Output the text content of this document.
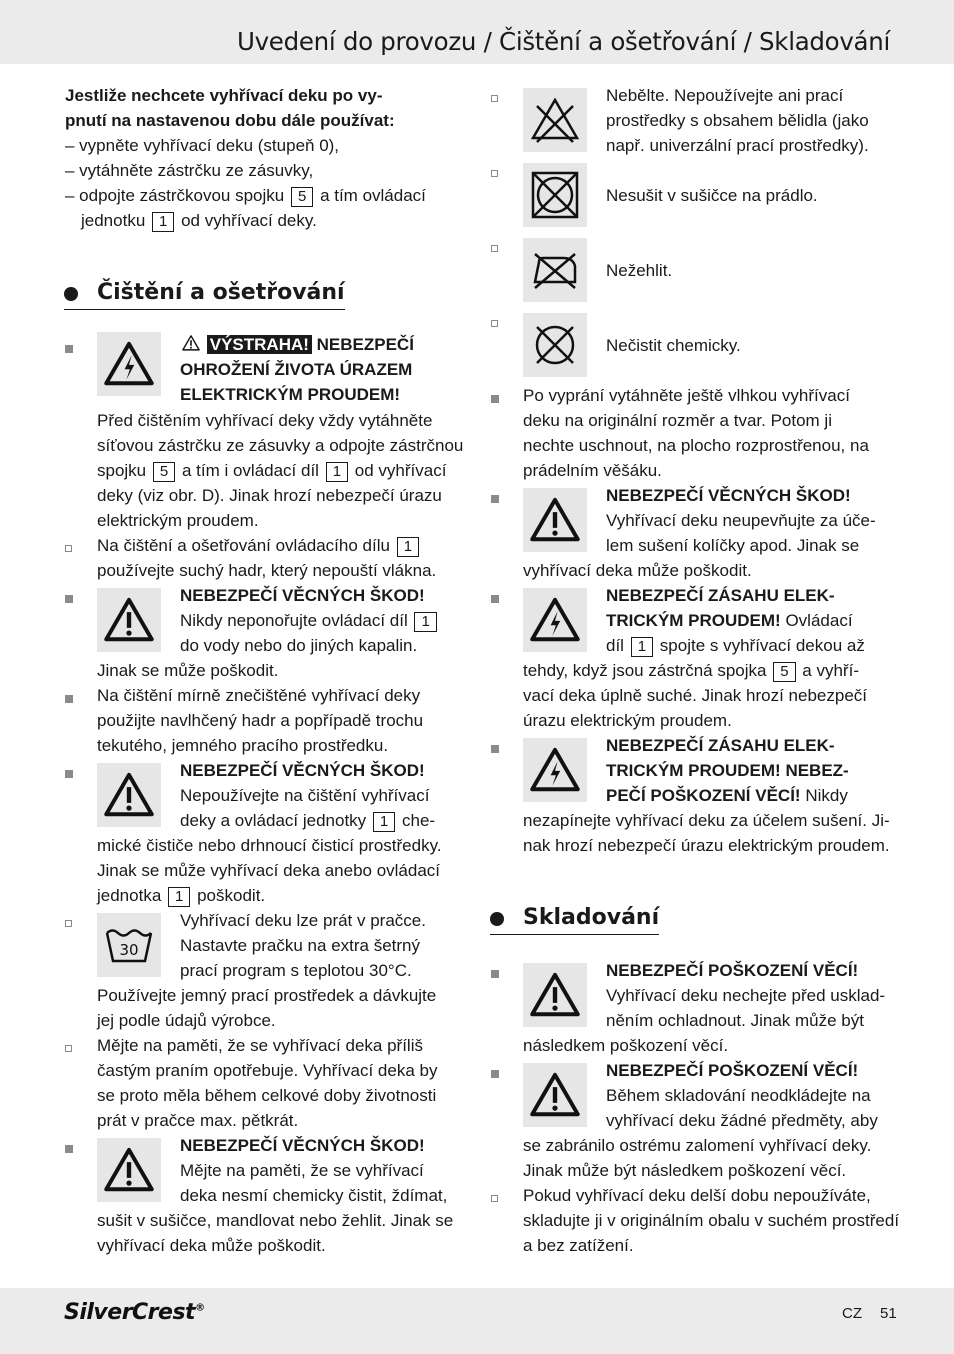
Uvedení do provozu / Čištění a ošetřování / Skladování

Jestliže nechcete vyhřívací deku po vy-

pnutí na nastavenou dobu dále používat:

– vypněte vyhřívací deku (stupeň 0),

– vytáhněte zástrčku ze zásuvky,

– odpojte zástrčkovou spojku 5 a tím ovládací

jednotku 1 od vyhřívací deky.

Čištění a ošetřování

VÝSTRAHA! NEBEZPEČÍ

OHROŽENÍ ŽIVOTA ÚRAZEM

ELEKTRICKÝM PROUDEM!

Před čištěním vyhřívací deky vždy vytáhněte

síťovou zástrčku ze zásuvky a odpojte zástrčnou

spojku 5 a tím i ovládací díl 1 od vyhřívací

deky (viz obr. D). Jinak hrozí nebezpečí úrazu

elektrickým proudem.

Na čištění a ošetřování ovládacího dílu 1

používejte suchý hadr, který nepouští vlákna.

NEBEZPEČÍ VĚCNÝCH ŠKOD!

Nikdy neponořujte ovládací díl 1

do vody nebo do jiných kapalin.

Jinak se může poškodit.

Na čištění mírně znečištěné vyhřívací deky

použijte navlhčený hadr a popřípadě trochu

tekutého, jemného pracího prostředku.

NEBEZPEČÍ VĚCNÝCH ŠKOD!

Nepoužívejte na čištění vyhřívací

deky a ovládací jednotky 1 che-

mické čističe nebo drhnoucí čisticí prostředky.

Jinak se může vyhřívací deka anebo ovládací

jednotka 1 poškodit.

30

Vyhřívací deku lze prát v pračce.

Nastavte pračku na extra šetrný

prací program s teplotou 30°C.

Používejte jemný prací prostředek a dávkujte

jej podle údajů výrobce.

Mějte na paměti, že se vyhřívací deka příliš

častým praním opotřebuje. Vyhřívací deka by

se proto měla během celkové doby životnosti

prát v pračce max. pětkrát.

NEBEZPEČÍ VĚCNÝCH ŠKOD!

Mějte na paměti, že se vyhřívací

deka nesmí chemicky čistit, ždímat,

sušit v sušičce, mandlovat nebo žehlit. Jinak se

vyhřívací deka může poškodit.

Nebělte. Nepoužívejte ani prací

prostředky s obsahem bělidla (jako

např. univerzální prací prostředky).

Nesušit v sušičce na prádlo.

Nežehlit.

Nečistit chemicky.

Po vyprání vytáhněte ještě vlhkou vyhřívací

deku na originální rozměr a tvar. Potom ji

nechte uschnout, na plocho rozprostřenou, na

prádelním věšáku.

NEBEZPEČÍ VĚCNÝCH ŠKOD!

Vyhřívací deku neupevňujte za úče-

lem sušení kolíčky apod. Jinak se

vyhřívací deka může poškodit.

NEBEZPEČÍ ZÁSAHU ELEK-

TRICKÝM PROUDEM! Ovládací

díl 1 spojte s vyhřívací dekou až

tehdy, když jsou zástrčná spojka 5 a vyhří-

vací deka úplně suché. Jinak hrozí nebezpečí

úrazu elektrickým proudem.

NEBEZPEČÍ ZÁSAHU ELEK-

TRICKÝM PROUDEM! NEBEZ-

PEČÍ POŠKOZENÍ VĚCÍ! Nikdy

nezapínejte vyhřívací deku za účelem sušení. Ji-

nak hrozí nebezpečí úrazu elektrickým proudem.

Skladování

NEBEZPEČÍ POŠKOZENÍ VĚCÍ!

Vyhřívací deku nechejte před usklad-

něním ochladnout. Jinak může být

následkem poškození věcí.

NEBEZPEČÍ POŠKOZENÍ VĚCÍ!

Během skladování neodkládejte na

vyhřívací deku žádné předměty, aby

se zabránilo ostrému zalomení vyhřívací deky.

Jinak může být následkem poškození věcí.

Pokud vyhřívací deku delší dobu nepoužíváte,

skladujte ji v originálním obalu v suchém prostředí

a bez zatížení.

SilverCrest®	CZ 51
